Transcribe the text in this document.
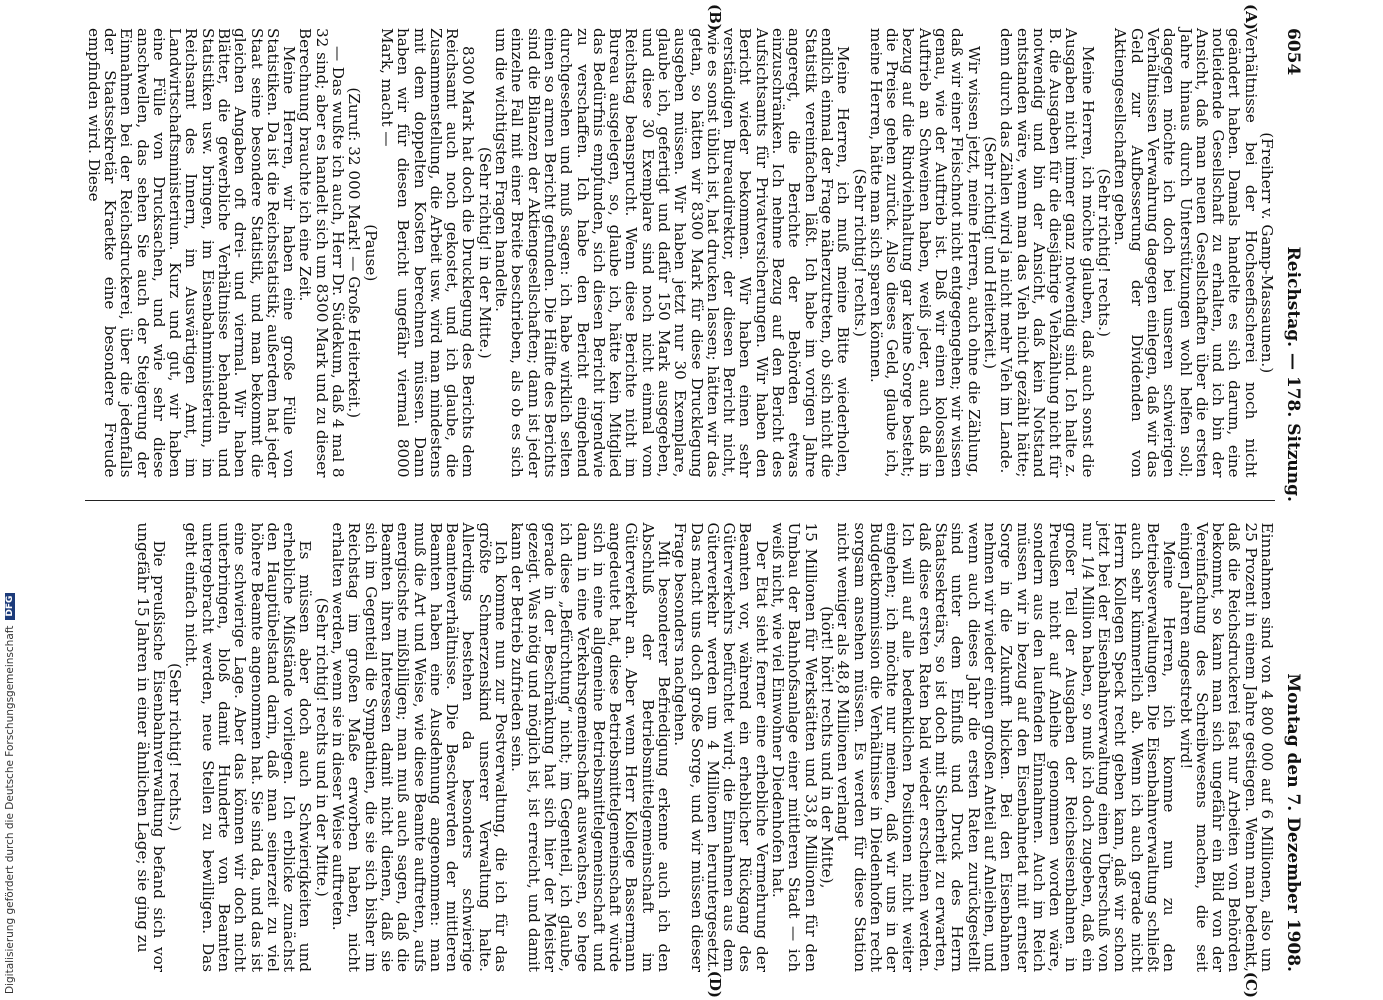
6054
Reichstag. — 178. Sitzung.
Montag den 7. Dezember 1908.
(A)
(B)

(Freiherr v. Gamp-Massaunen.)

Verhältnisse bei der Hochseefischerei noch nicht geändert haben. Damals handelte es sich darum, eine notleidende Gesellschaft zu erhalten, und ich bin der Ansicht, daß man neuen Gesellschaften über die ersten Jahre hinaus durch Unterstützungen wohl helfen soll; dagegen möchte ich doch bei unseren schwierigen Verhältnissen Verwahrung dagegen einlegen, daß wir das Geld zur Aufbesserung der Dividenden von Aktiengesellschaften geben.

(Sehr richtig! rechts.)

Meine Herren, ich möchte glauben, daß auch sonst die Ausgaben nicht immer ganz notwendig sind. Ich halte z. B. die Ausgaben für die diesjährige Viehzählung nicht für notwendig und bin der Ansicht, daß kein Notstand entstanden wäre, wenn man das Vieh nicht gezählt hätte; denn durch das Zählen wird ja nicht mehr Vieh im Lande.

(Sehr richtig! und Heiterkeit.)

Wir wissen jetzt, meine Herren, auch ohne die Zählung, daß wir einer Fleischnot nicht entgegengehen; wir wissen genau, wie der Auftrieb ist. Daß wir einen kolossalen Auftrieb an Schweinen haben, weiß jeder, auch daß in bezug auf die Rindviehhaltung gar keine Sorge besteht; die Preise gehen zurück. Also dieses Geld, glaube ich, meine Herren, hätte man sich sparen können.

(Sehr richtig! rechts.)

Meine Herren, ich muß meine Bitte wiederholen, endlich einmal der Frage näherzutreten, ob sich nicht die Statistik vereinfachen läßt. Ich habe im vorigen Jahre angeregt, die Berichte der Behörden etwas einzuschränken. Ich nehme Bezug auf den Bericht des Aufsichtsamts für Privatversicherungen. Wir haben den Bericht wieder bekommen. Wir haben einen sehr verständigen Bureaudirektor, der diesen Bericht nicht, wie es sonst üblich ist, hat drucken lassen; hätten wir das getan, so hätten wir 8300 Mark für diese Drucklegung ausgeben müssen. Wir haben jetzt nur 30 Exemplare, glaube ich, gefertigt und dafür 150 Mark ausgegeben, und diese 30 Exemplare sind noch nicht einmal vom Reichstag beansprucht. Wenn diese Berichte nicht im Bureau ausgelegen, so, glaube ich, hätte kein Mitglied das Bedürfnis empfunden, sich diesen Bericht irgendwie zu verschaffen. Ich habe den Bericht eingehend durchgesehen und muß sagen: ich habe wirklich selten einen so armen Bericht gefunden. Die Hälfte des Berichts sind die Bilanzen der Aktiengesellschaften; dann ist jeder einzelne Fall mit einer Breite beschrieben, als ob es sich um die wichtigsten Fragen handelte.

(Sehr richtig! in der Mitte.)

8300 Mark hat doch die Drucklegung des Berichts dem Reichsamt auch noch gekostet, und ich glaube, die Zusammenstellung, die Arbeit usw. wird man mindestens mit dem doppelten Kosten berechnen müssen. Dann haben wir für diesen Bericht ungefähr viermal 8000 Mark, macht —

(Pause)

(Zuruf: 32 000 Mark! — Große Heiterkeit.)

— Das wußte ich auch, Herr Dr. Südekum, daß 4 mal 8 32 sind; aber es handelt sich um 8300 Mark und zu dieser Berechnung brauchte ich eine Zeit.

Meine Herren, wir haben eine große Fülle von Statistiken. Da ist die Reichsstatistik; außerdem hat jeder Staat seine besondere Statistik, und man bekommt die gleichen Angaben oft drei- und viermal. Wir haben Blätter, die gewerbliche Verhältnisse behandeln und Statistiken usw. bringen, im Eisenbahnministerium, im Reichsamt des Innern, im Auswärtigen Amt, im Landwirtschaftsministerium. Kurz und gut, wir haben eine Fülle von Drucksachen, und wie sehr diese anschwellen, das sehen Sie auch der Steigerung der Einnahmen bei der Reichsdruckerei, über die jedenfalls der Staatssekretär Kraetke eine besondere Freude empfinden wird. Diese

(C)
(D)

Einnahmen sind von 4 800 000 auf 6 Millionen, also um 25 Prozent in einem Jahre gestiegen. Wenn man bedenkt, daß die Reichsdruckerei fast nur Arbeiten von Behörden bekommt, so kann man sich ungefähr ein Bild von der Vereinfachung des Schreibwesens machen, die seit einigen Jahren angestrebt wird!

Meine Herren, ich komme nun zu den Betriebsverwaltungen. Die Eisenbahnverwaltung schließt auch sehr kümmerlich ab. Wenn ich auch gerade nicht Herrn Kollegen Speck recht geben kann, daß wir schon jetzt bei der Eisenbahnverwaltung einen Überschuß von nur 1/4 Million haben, so muß ich doch zugeben, daß ein großer Teil der Ausgaben der Reichseisenbahnen in Preußen nicht auf Anleihe genommen worden wäre, sondern aus den laufenden Einnahmen. Auch im Reich müssen wir in bezug auf den Eisenbahnetat mit ernster Sorge in die Zukunft blicken. Bei den Eisenbahnen nehmen wir wieder einen großen Anteil auf Anleihen, und wenn auch dieses Jahr die ersten Raten zurückgestellt sind unter dem Einfluß und Druck des Herrn Staatssekretärs, so ist doch mit Sicherheit zu erwarten, daß diese ersten Raten bald wieder erscheinen werden. Ich will auf alle bedenklichen Positionen nicht weiter eingehen; ich möchte nur meinen, daß wir uns in der Budgetkommission die Verhältnisse in Diedenhofen recht sorgsam ansehen müssen. Es werden für diese Station nicht weniger als 48,8 Millionen verlangt

(hört! hört! rechts und in der Mitte),

15 Millionen für Werkstätten und 33,8 Millionen für den Umbau der Bahnhofsanlage einer mittleren Stadt — ich weiß nicht, wie viel Einwohner Diedenhofen hat.

Der Etat sieht ferner eine erhebliche Vermehrung der Beamten vor, während ein erheblicher Rückgang des Güterverkehrs befürchtet wird; die Einnahmen aus dem Güterverkehr werden um 4 Millionen heruntergesetzt. Das macht uns doch große Sorge, und wir müssen dieser Frage besonders nachgehen.

Mit besonderer Befriedigung erkenne auch ich den Abschluß der Betriebsmittelgemeinschaft im Güterverkehr an. Aber wenn Herr Kollege Bassermann angedeutet hat, diese Betriebsmittelgemeinschaft würde sich in eine allgemeine Betriebsmittelgemeinschaft und dann in eine Verkehrsgemeinschaft auswachsen, so hege ich diese „Befürchtung“ nicht; im Gegenteil, ich glaube, gerade in der Beschränkung hat sich hier der Meister gezeigt. Was nötig und möglich ist, ist erreicht, und damit kann der Betrieb zufrieden sein.

Ich komme nun zur Postverwaltung, die ich für das größte Schmerzenskind unserer Verwaltung halte. Allerdings bestehen da besonders schwierige Beamtenverhältnisse. Die Beschwerden der mittleren Beamten haben eine Ausdehnung angenommen: man muß die Art und Weise, wie diese Beamte auftreten, aufs energischste mißbilligen; man muß auch sagen, daß die Beamten ihren Interessen damit nicht dienen, daß sie sich im Gegenteil die Sympathien, die sie sich bisher im Reichstag im großen Maße erworben haben, nicht erhalten werden, wenn sie in dieser Weise auftreten.

(Sehr richtig! rechts und in der Mitte.)

Es müssen aber doch auch Schwierigkeiten und erhebliche Mißstände vorliegen. Ich erblicke zunächst den Hauptübelstand darin, daß man seinerzeit zu viel höhere Beamte angenommen hat. Sie sind da, und das ist eine schwierige Lage. Aber das können wir doch nicht unterbringen, bloß damit Hunderte von Beamten untergebracht werden, neue Stellen zu bewilligen. Das geht einfach nicht.

(Sehr richtig! rechts.)

Die preußische Eisenbahnverwaltung befand sich vor ungefähr 15 Jahren in einer ähnlichen Lage; sie ging zu

Digitalisierung gefördert durch die Deutsche Forschungsgemeinschaft
DFG
